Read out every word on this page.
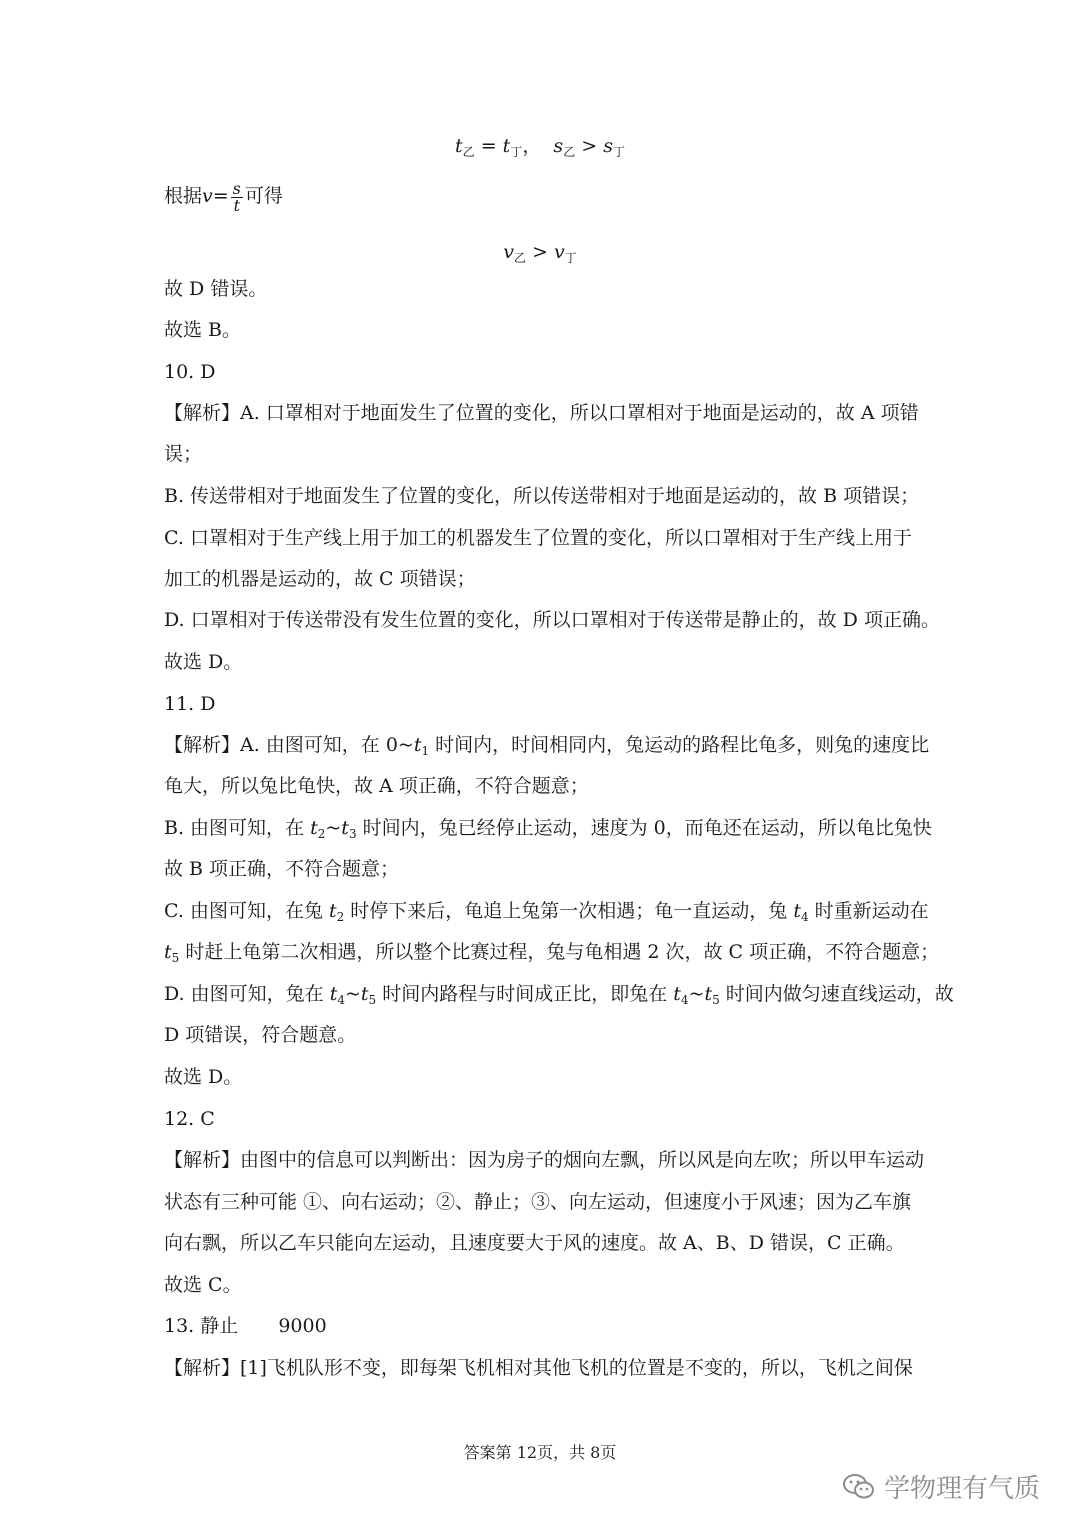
$t_乙 = t_丁$， $s_乙 > s_丁$
根据$v= \frac{s}{t}$ 可得
$v_乙 > v_丁$
故 D 错误。
故选 B。
10. D
【解析】A. 口罩相对于地面发生了位置的变化，所以口罩相对于地面是运动的，故 A 项错
误；
B. 传送带相对于地面发生了位置的变化，所以传送带相对于地面是运动的，故 B 项错误；
C. 口罩相对于生产线上用于加工的机器发生了位置的变化，所以口罩相对于生产线上用于
加工的机器是运动的，故 C 项错误；
D. 口罩相对于传送带没有发生位置的变化，所以口罩相对于传送带是静止的，故 D 项正确。
故选 D。
11. D
【解析】A. 由图可知，在 $0\sim t_1$ 时间内，时间相同内，兔运动的路程比龟多，则兔的速度比
龟大，所以兔比龟快，故 A 项正确，不符合题意；
B. 由图可知，在 $t_2\sim t_3$ 时间内，兔已经停止运动，速度为 0，而龟还在运动，所以龟比兔快
故 B 项正确，不符合题意；
C. 由图可知，在兔 $t_2$ 时停下来后，龟追上兔第一次相遇；龟一直运动，兔 $t_4$ 时重新运动在
$t_5$ 时赶上龟第二次相遇，所以整个比赛过程，兔与龟相遇 2 次，故 C 项正确，不符合题意；
D. 由图可知，兔在 $t_4\sim t_5$ 时间内路程与时间成正比，即兔在 $t_4\sim t_5$ 时间内做匀速直线运动，故
D 项错误，符合题意。
故选 D。
12. C
【解析】由图中的信息可以判断出：因为房子的烟向左飘，所以风是向左吹；所以甲车运动
状态有三种可能 ①、向右运动；②、静止；③、向左运动，但速度小于风速；因为乙车旗
向右飘，所以乙车只能向左运动，且速度要大于风的速度。故 A、B、D 错误，C 正确。
故选 C。
13. 静止 9000
【解析】[1]飞机队形不变，即每架飞机相对其他飞机的位置是不变的，所以，飞机之间保
答案第 12页，共 8页
学物理有气质
